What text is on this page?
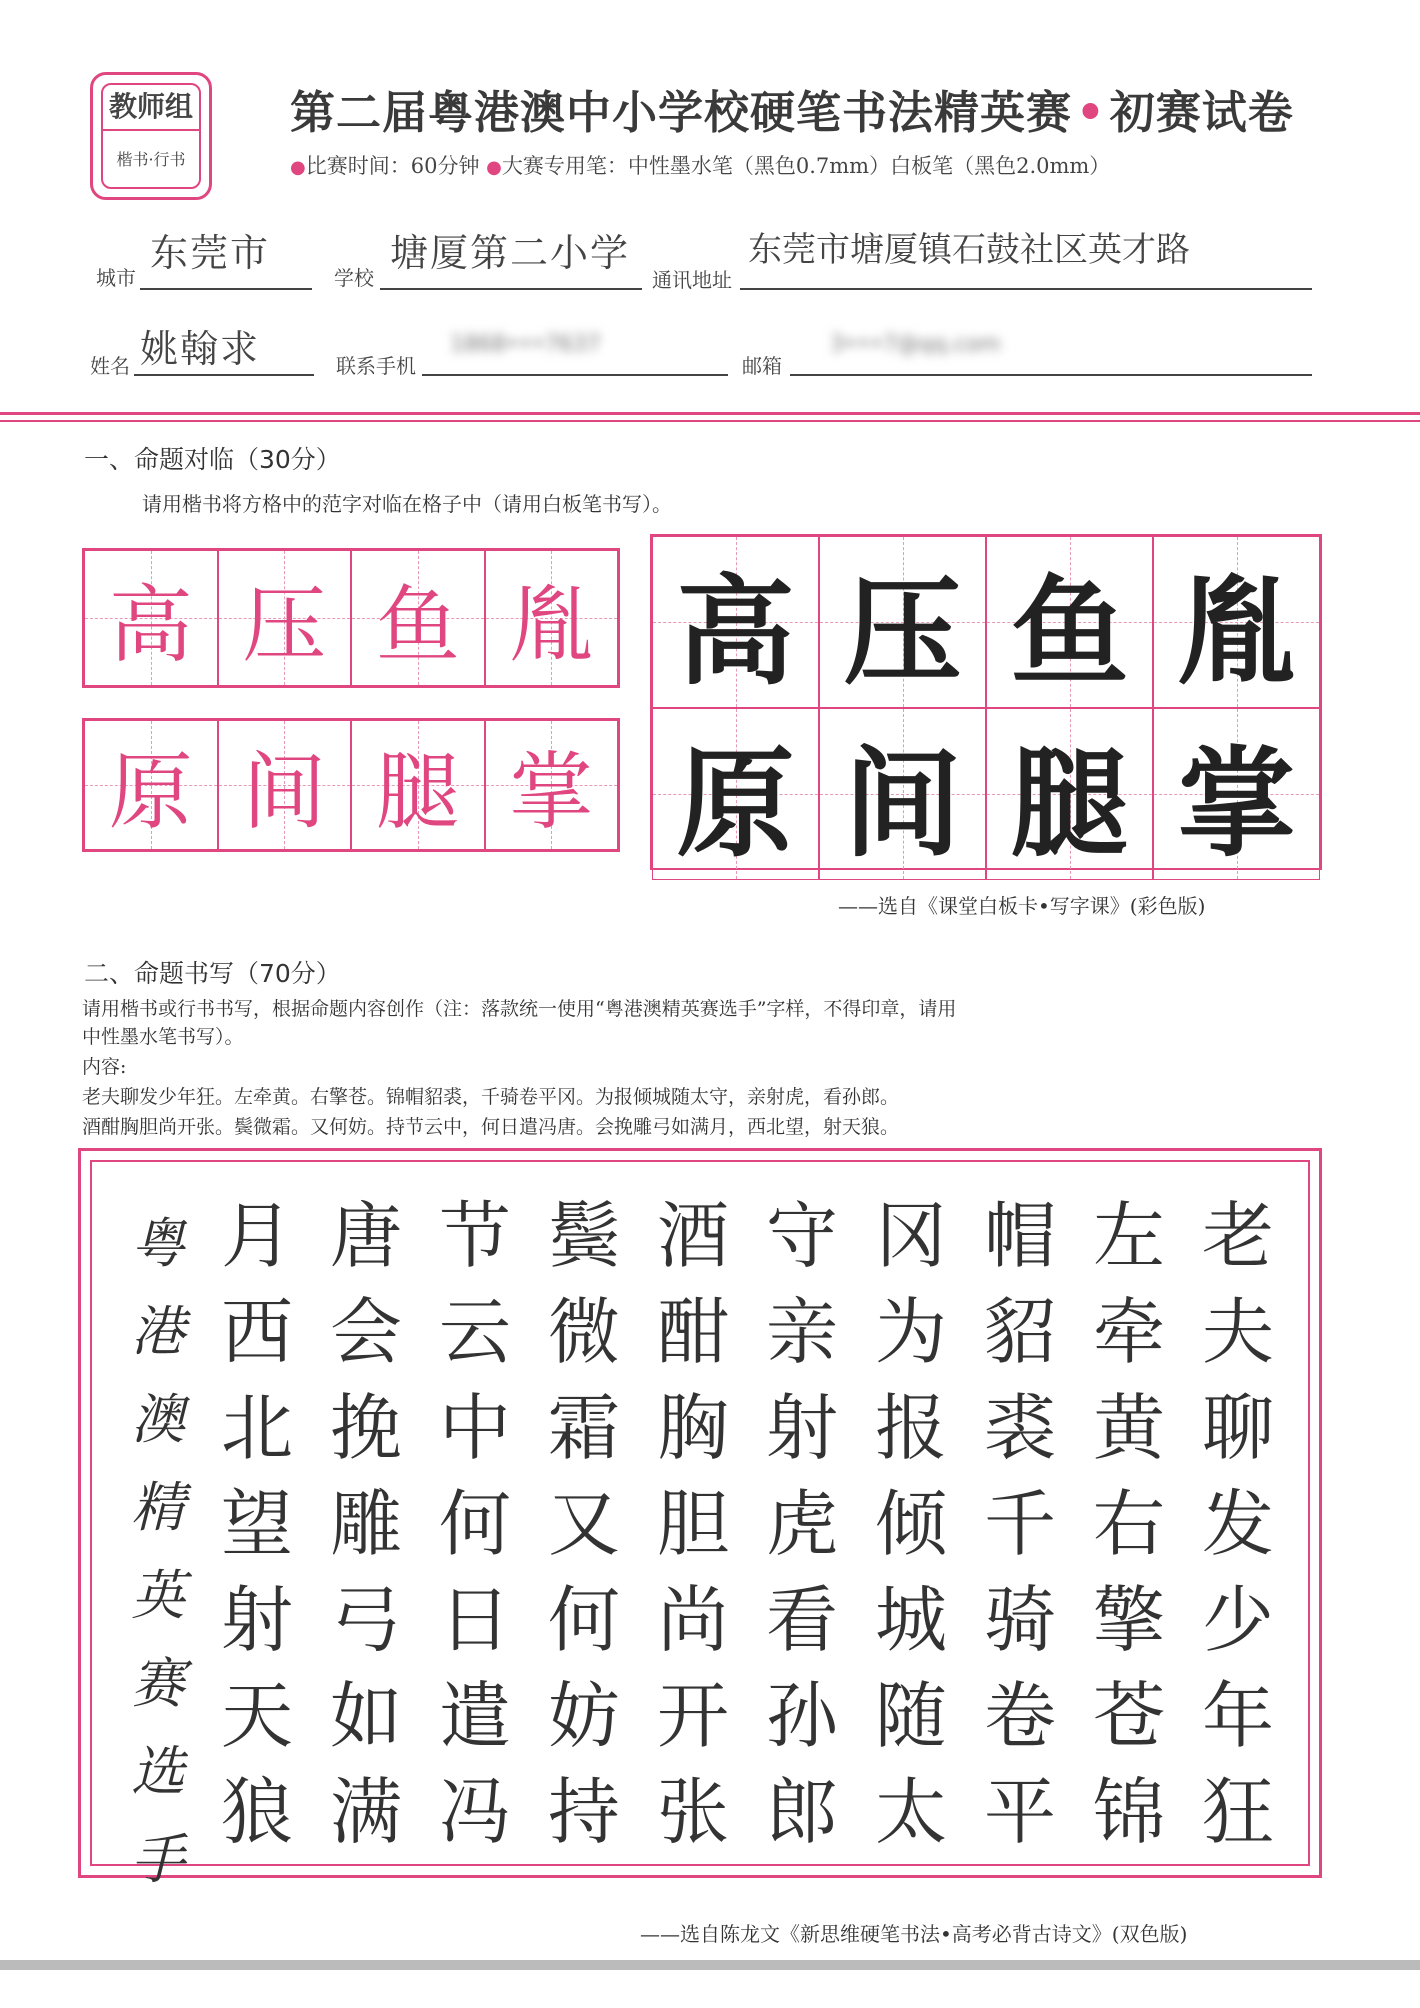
教师组
楷书·行书
第二届粤港澳中小学校硬笔书法精英赛•初赛试卷
●比赛时间：60分钟 ●大赛专用笔：中性墨水笔（黑色0.7mm）白板笔（黑色2.0mm）
城市
东莞市
学校
塘厦第二小学
通讯地址
东莞市塘厦镇石鼓社区英才路
姓名 姚翰求	联系手机
1868•••7637
邮箱
3•••7@qq.com
一、命题对临（30分）
请用楷书将方格中的范字对临在格子中（请用白板笔书写）。
高 压 鱼 胤
原 间 腿 掌
高 压 鱼 胤
原 间 腿 掌
——选自《课堂白板卡•写字课》(彩色版)
二、命题书写（70分）
请用楷书或行书书写，根据命题内容创作（注：落款统一使用“粤港澳精英赛选手”字样，不得印章，请用
中性墨水笔书写）。
内容:
老夫聊发少年狂。左牵黄。右擎苍。锦帽貂裘，千骑卷平冈。为报倾城随太守，亲射虎，看孙郎。
酒酣胸胆尚开张。鬓微霜。又何妨。持节云中，何日遣冯唐。会挽雕弓如满月，西北望，射天狼。
粤
港
澳
精
英
赛
选
手
老
夫
聊
发
少
年
狂
左
牵
黄
右
擎
苍
锦
帽
貂
裘
千
骑
卷
平
冈
为
报
倾
城
随
太
守
亲
射
虎
看
孙
郎
酒
酣
胸
胆
尚
开
张
鬓
微
霜
又
何
妨
持
节
云
中
何
日
遣
冯
唐
会
挽
雕
弓
如
满
月
西
北
望
射
天
狼
——选自陈龙文《新思维硬笔书法•高考必背古诗文》(双色版)
